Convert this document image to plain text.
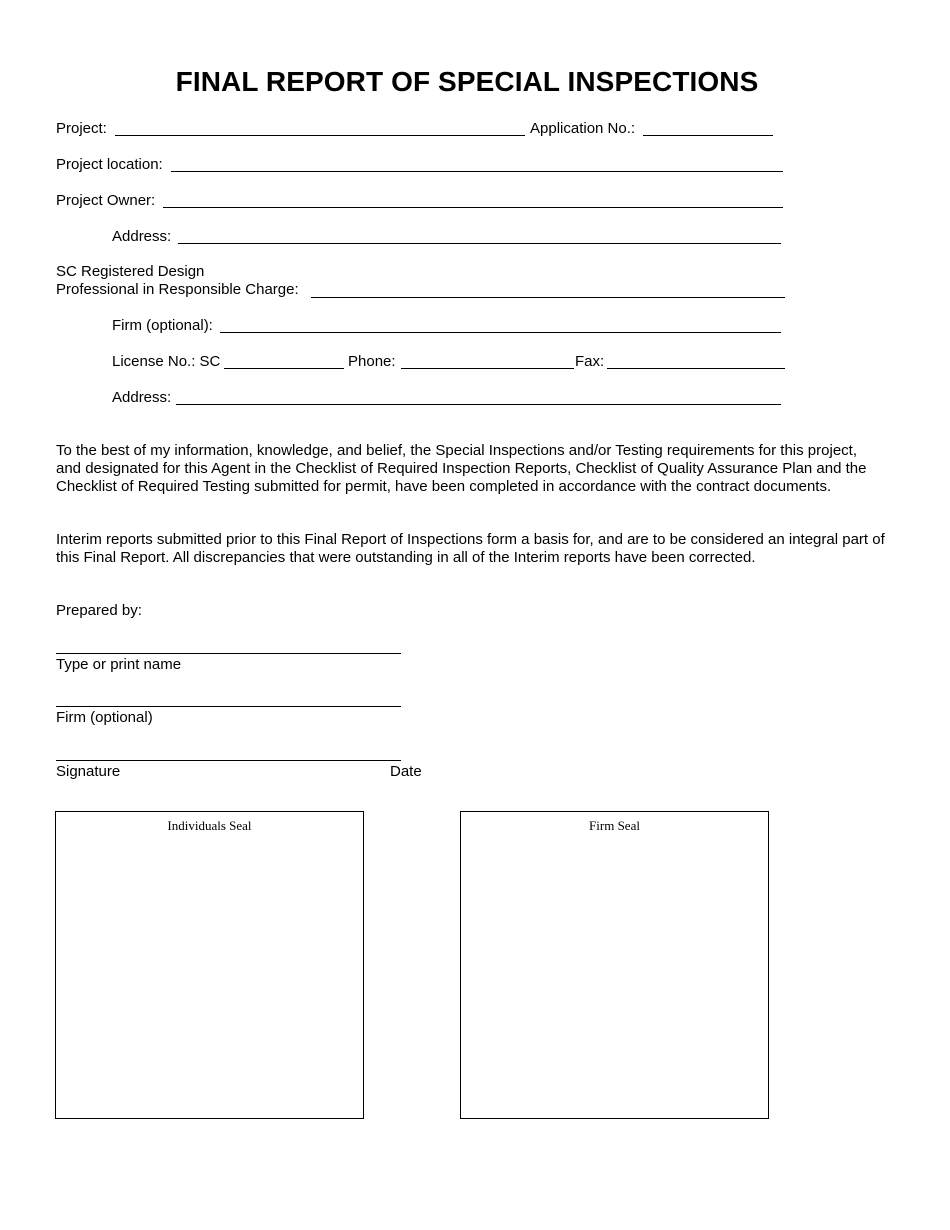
FINAL REPORT OF SPECIAL INSPECTIONS
Project:	Application No.:
Project location:
Project Owner:
Address:
SC Registered Design
Professional in Responsible Charge:
Firm (optional):
License No.: SC	Phone:	Fax:
Address:
To the best of my information, knowledge, and belief, the Special Inspections and/or Testing requirements for this project, and designated for this Agent in the Checklist of Required Inspection Reports, Checklist of Quality Assurance Plan and the Checklist of Required Testing submitted for permit, have been completed in accordance with the contract documents.
Interim reports submitted prior to this Final Report of Inspections form a basis for, and are to be considered an integral part of this Final Report. All discrepancies that were outstanding in all of the Interim reports have been corrected.
Prepared by:
Type or print name
Firm (optional)
Signature	Date
Individuals Seal	Firm Seal
